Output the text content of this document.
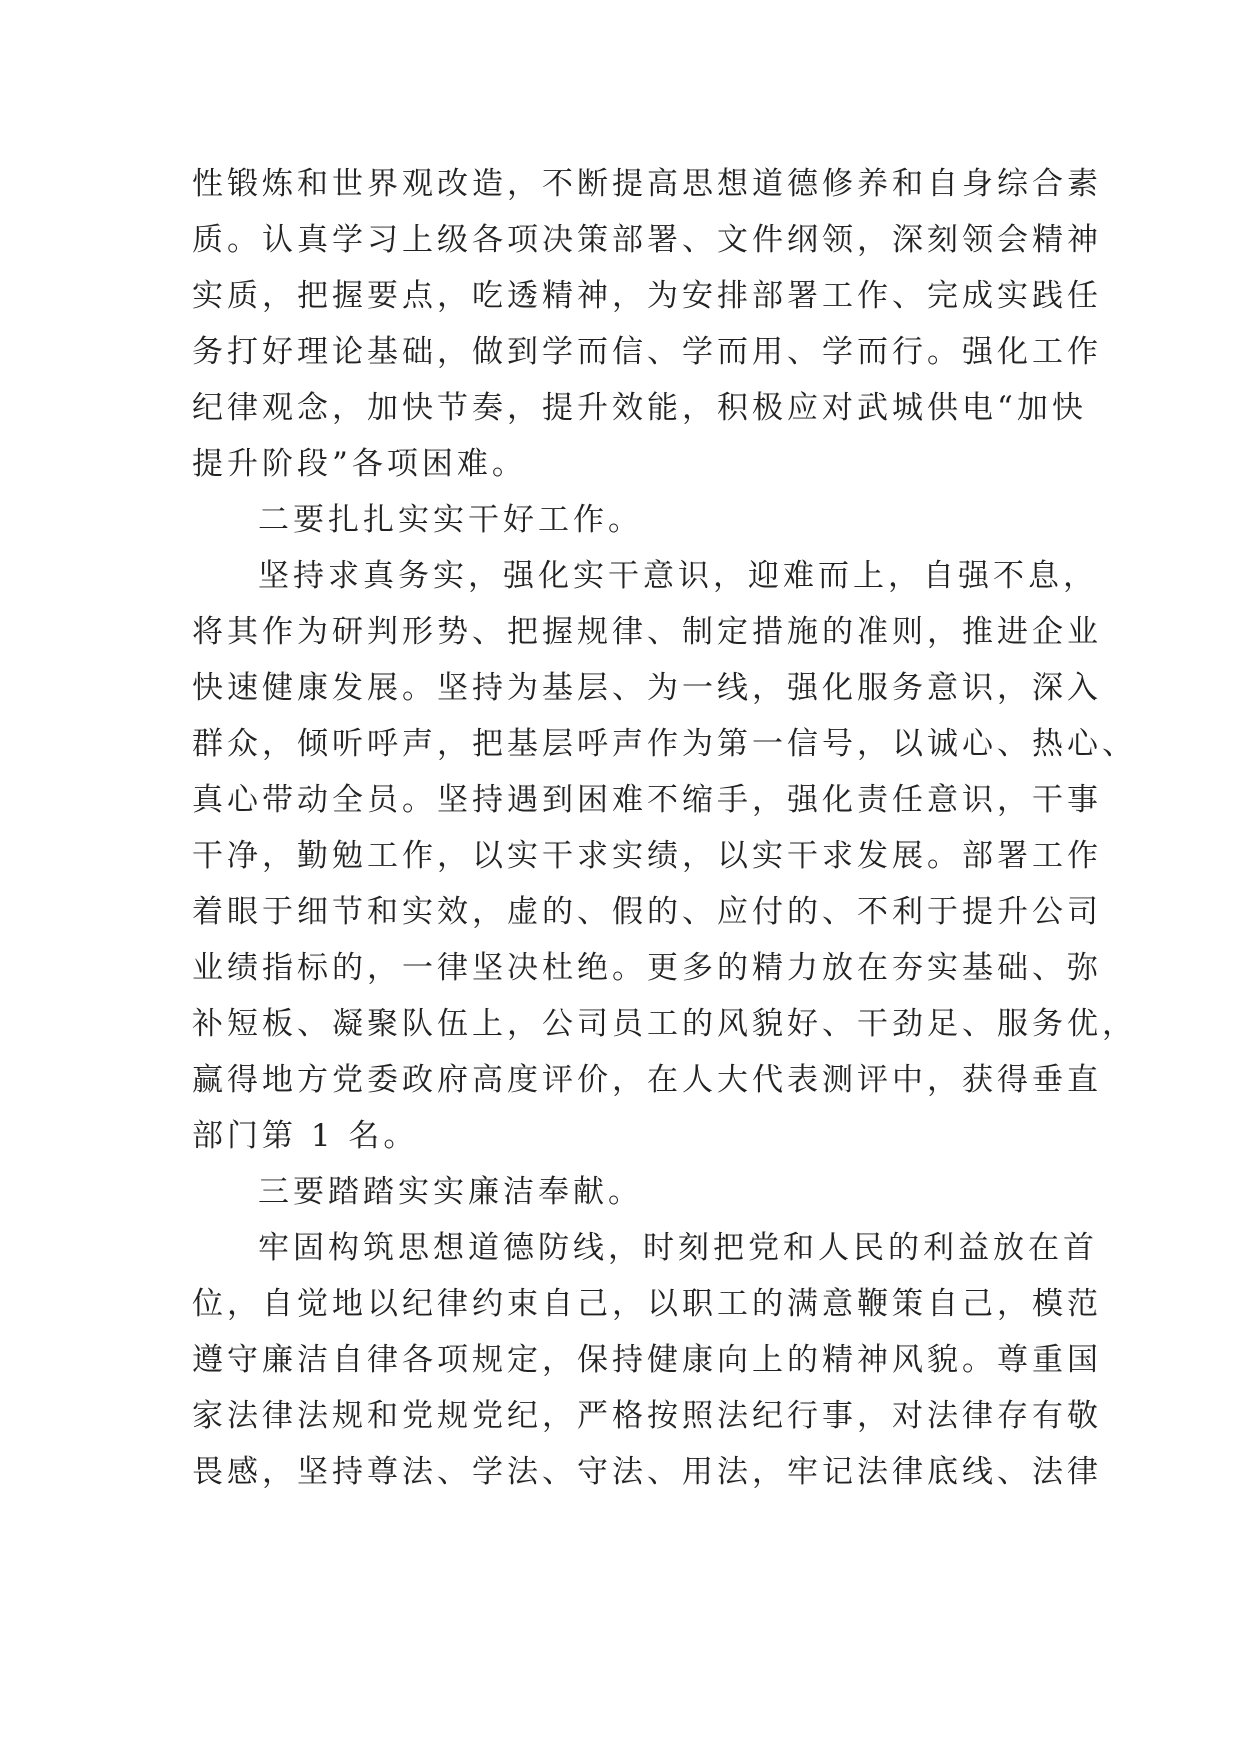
性锻炼和世界观改造，不断提高思想道德修养和自身综合素
质。认真学习上级各项决策部署、文件纲领，深刻领会精神
实质，把握要点，吃透精神，为安排部署工作、完成实践任
务打好理论基础，做到学而信、学而用、学而行。强化工作
纪律观念，加快节奏，提升效能，积极应对武城供电“加快
提升阶段”各项困难。
二要扎扎实实干好工作。
坚持求真务实，强化实干意识，迎难而上，自强不息，
将其作为研判形势、把握规律、制定措施的准则，推进企业
快速健康发展。坚持为基层、为一线，强化服务意识，深入
群众，倾听呼声，把基层呼声作为第一信号，以诚心、热心、
真心带动全员。坚持遇到困难不缩手，强化责任意识，干事
干净，勤勉工作，以实干求实绩，以实干求发展。部署工作
着眼于细节和实效，虚的、假的、应付的、不利于提升公司
业绩指标的，一律坚决杜绝。更多的精力放在夯实基础、弥
补短板、凝聚队伍上，公司员工的风貌好、干劲足、服务优，
赢得地方党委政府高度评价，在人大代表测评中，获得垂直
部门第 1 名。
三要踏踏实实廉洁奉献。
牢固构筑思想道德防线，时刻把党和人民的利益放在首
位，自觉地以纪律约束自己，以职工的满意鞭策自己，模范
遵守廉洁自律各项规定，保持健康向上的精神风貌。尊重国
家法律法规和党规党纪，严格按照法纪行事，对法律存有敬
畏感，坚持尊法、学法、守法、用法，牢记法律底线、法律
